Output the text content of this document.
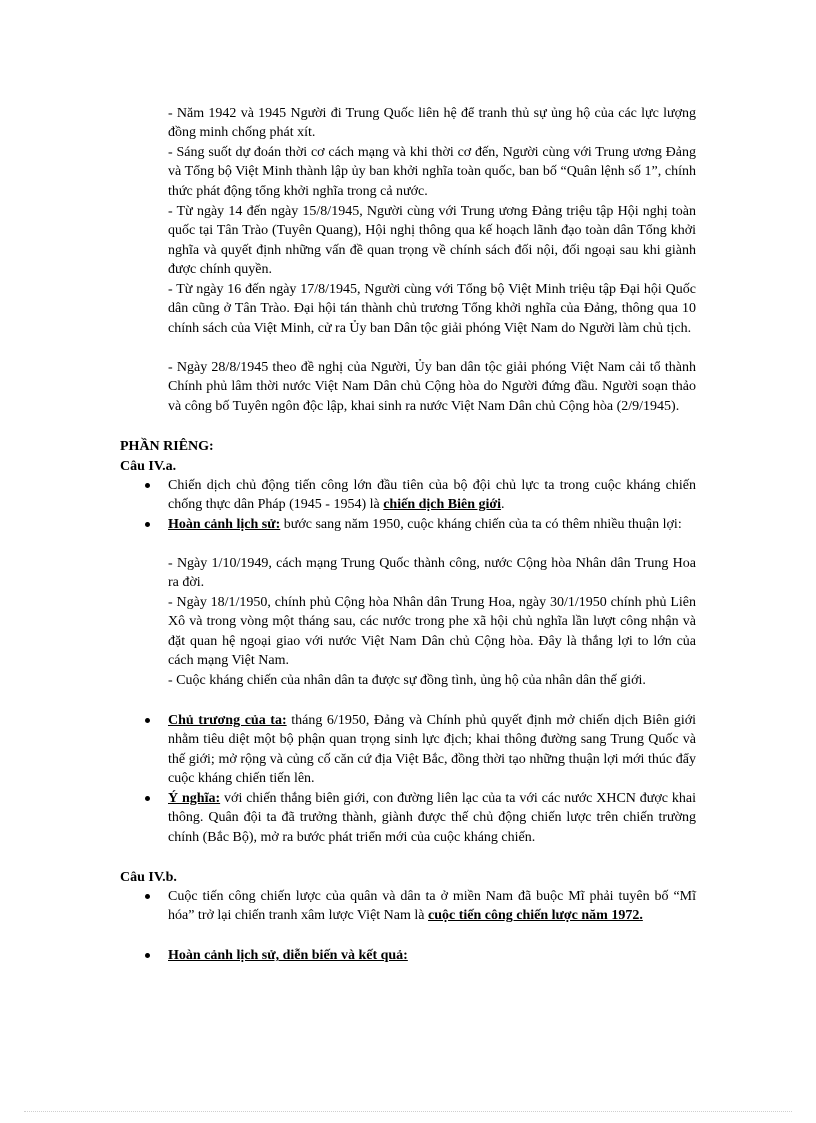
- Năm 1942 và 1945 Người đi Trung Quốc liên hệ để tranh thủ sự ủng hộ của các lực lượng đồng minh chống phát xít.

- Sáng suốt dự đoán thời cơ cách mạng và khi thời cơ đến, Người cùng với Trung ương Đảng và Tổng bộ Việt Minh thành lập ủy ban khởi nghĩa toàn quốc, ban bố “Quân lệnh số 1”, chính thức phát động tổng khởi nghĩa trong cả nước.

- Từ ngày 14 đến ngày 15/8/1945, Người cùng với Trung ương Đảng triệu tập Hội nghị toàn quốc tại Tân Trào (Tuyên Quang), Hội nghị thông qua kế hoạch lãnh đạo toàn dân Tổng khởi nghĩa và quyết định những vấn đề quan trọng về chính sách đối nội, đối ngoại sau khi giành được chính quyền.

- Từ ngày 16 đến ngày 17/8/1945, Người cùng với Tổng bộ Việt Minh triệu tập Đại hội Quốc dân cũng ở Tân Trào. Đại hội tán thành chủ trương Tổng khởi nghĩa của Đảng, thông qua 10 chính sách của Việt Minh, cử ra Ủy ban Dân tộc giải phóng Việt Nam do Người làm chủ tịch.

- Ngày 28/8/1945 theo đề nghị của Người, Ủy ban dân tộc giải phóng Việt Nam cải tổ thành Chính phủ lâm thời nước Việt Nam Dân chủ Cộng hòa do Người đứng đầu. Người soạn thảo và công bố Tuyên ngôn độc lập, khai sinh ra nước Việt Nam Dân chủ Cộng hòa (2/9/1945).

PHẦN RIÊNG:

Câu IV.a.

Chiến dịch chủ động tiến công lớn đầu tiên của bộ đội chủ lực ta trong cuộc kháng chiến chống thực dân Pháp (1945 - 1954) là chiến dịch Biên giới.

Hoàn cảnh lịch sử: bước sang năm 1950, cuộc kháng chiến của ta có thêm nhiều thuận lợi:

- Ngày 1/10/1949, cách mạng Trung Quốc thành công, nước Cộng hòa Nhân dân Trung Hoa ra đời.

- Ngày 18/1/1950, chính phủ Cộng hòa Nhân dân Trung Hoa, ngày 30/1/1950 chính phủ Liên Xô và trong vòng một tháng sau, các nước trong phe xã hội chủ nghĩa lần lượt công nhận và đặt quan hệ ngoại giao với nước Việt Nam Dân chủ Cộng hòa. Đây là thắng lợi to lớn của cách mạng Việt Nam.

- Cuộc kháng chiến của nhân dân ta được sự đồng tình, ủng hộ của nhân dân thế giới.

Chủ trương của ta: tháng 6/1950, Đảng và Chính phủ quyết định mở chiến dịch Biên giới nhằm tiêu diệt một bộ phận quan trọng sinh lực địch; khai thông đường sang Trung Quốc và thế giới; mở rộng và củng cố căn cứ địa Việt Bắc, đồng thời tạo những thuận lợi mới thúc đẩy cuộc kháng chiến tiến lên.

Ý nghĩa: với chiến thắng biên giới, con đường liên lạc của ta với các nước XHCN được khai thông. Quân đội ta đã trưởng thành, giành được thế chủ động chiến lược trên chiến trường chính (Bắc Bộ), mở ra bước phát triển mới của cuộc kháng chiến.

Câu IV.b.

Cuộc tiến công chiến lược của quân và dân ta ở miền Nam đã buộc Mĩ phải tuyên bố “Mĩ hóa” trở lại chiến tranh xâm lược Việt Nam là cuộc tiến công chiến lược năm 1972.

Hoàn cảnh lịch sử, diễn biến và kết quả:
